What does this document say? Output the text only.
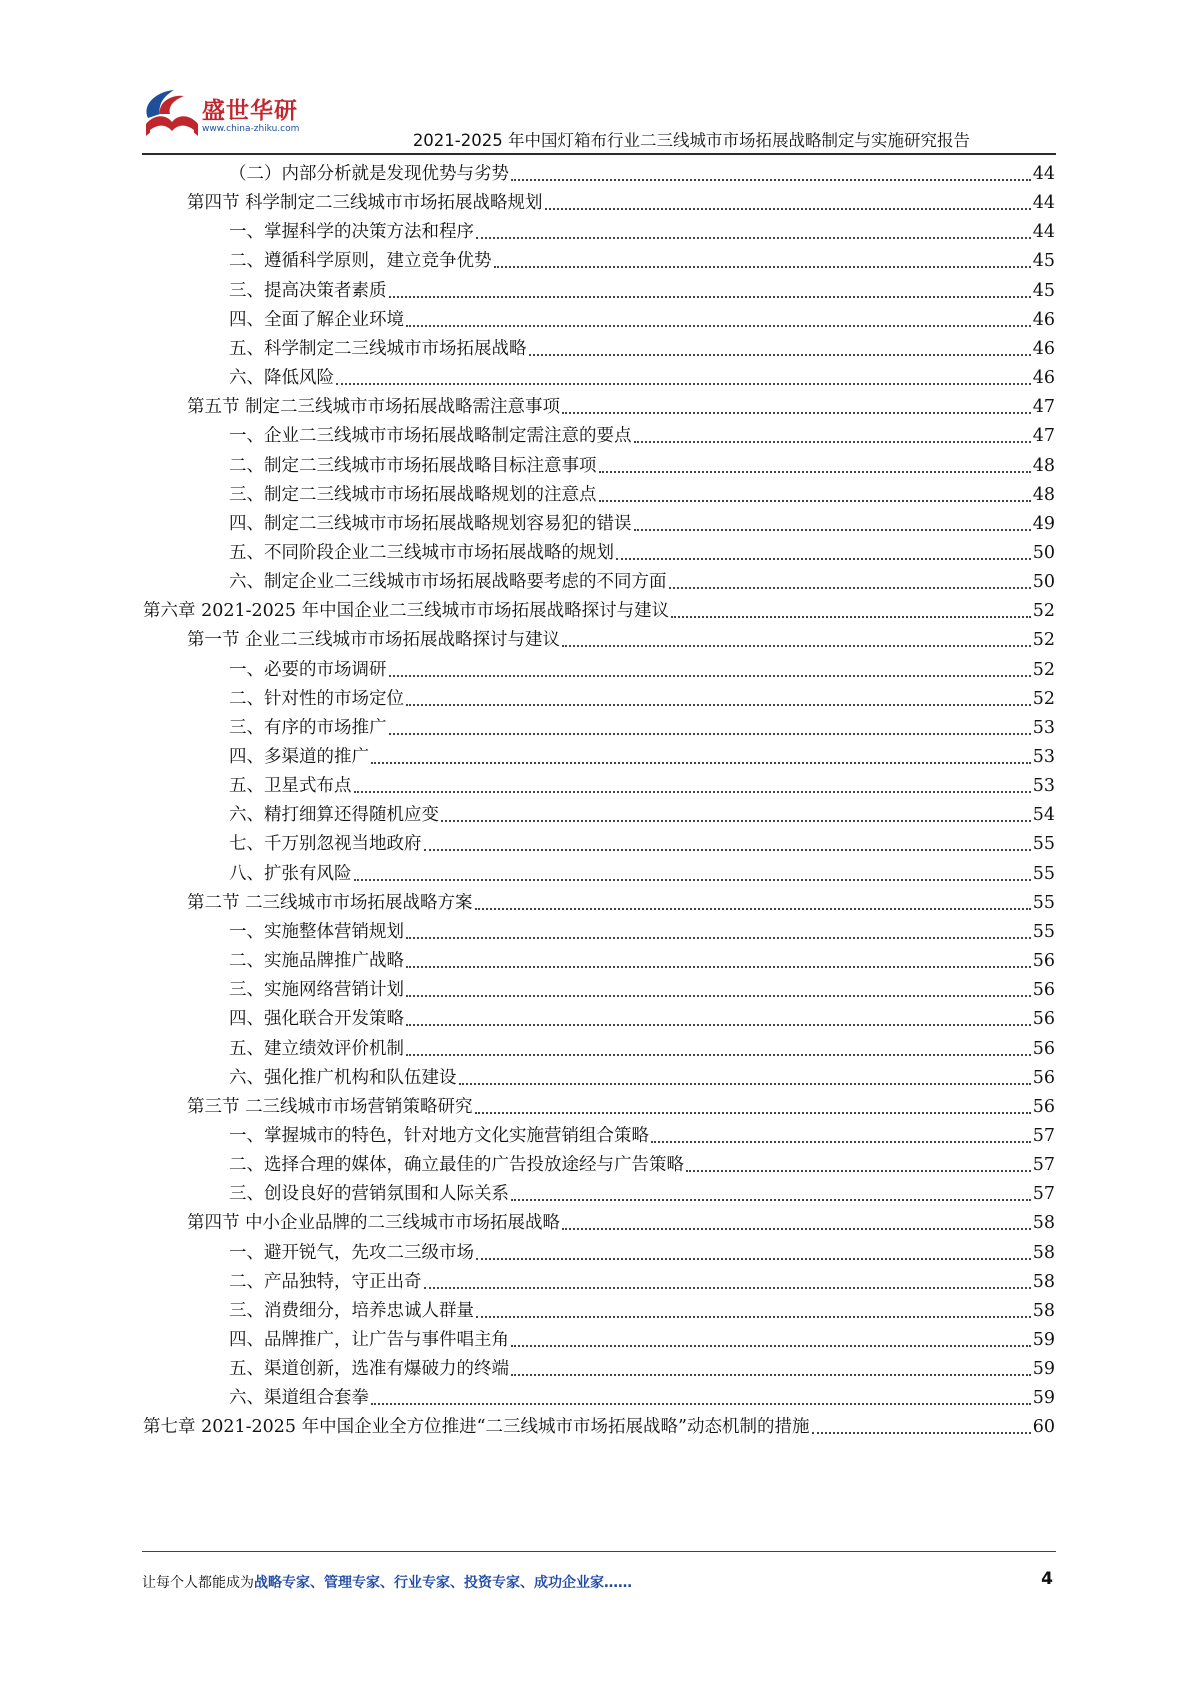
盛世华研
www.china-zhiku.com
2021-2025 年中国灯箱布行业二三线城市市场拓展战略制定与实施研究报告
（二）内部分析就是发现优势与劣势	44
第四节 科学制定二三线城市市场拓展战略规划	44
一、掌握科学的决策方法和程序	44
二、遵循科学原则，建立竞争优势	45
三、提高决策者素质	45
四、全面了解企业环境	46
五、科学制定二三线城市市场拓展战略	46
六、降低风险	46
第五节 制定二三线城市市场拓展战略需注意事项	47
一、企业二三线城市市场拓展战略制定需注意的要点	47
二、制定二三线城市市场拓展战略目标注意事项	48
三、制定二三线城市市场拓展战略规划的注意点	48
四、制定二三线城市市场拓展战略规划容易犯的错误	49
五、不同阶段企业二三线城市市场拓展战略的规划	50
六、制定企业二三线城市市场拓展战略要考虑的不同方面	50
第六章 2021-2025 年中国企业二三线城市市场拓展战略探讨与建议	52
第一节 企业二三线城市市场拓展战略探讨与建议	52
一、必要的市场调研	52
二、针对性的市场定位	52
三、有序的市场推广	53
四、多渠道的推广	53
五、卫星式布点	53
六、精打细算还得随机应变	54
七、千万别忽视当地政府	55
八、扩张有风险	55
第二节 二三线城市市场拓展战略方案	55
一、实施整体营销规划	55
二、实施品牌推广战略	56
三、实施网络营销计划	56
四、强化联合开发策略	56
五、建立绩效评价机制	56
六、强化推广机构和队伍建设	56
第三节 二三线城市市场营销策略研究	56
一、掌握城市的特色，针对地方文化实施营销组合策略	57
二、选择合理的媒体，确立最佳的广告投放途经与广告策略	57
三、创设良好的营销氛围和人际关系	57
第四节 中小企业品牌的二三线城市市场拓展战略	58
一、避开锐气，先攻二三级市场	58
二、产品独特，守正出奇	58
三、消费细分，培养忠诚人群量	58
四、品牌推广，让广告与事件唱主角	59
五、渠道创新，选准有爆破力的终端	59
六、渠道组合套拳	59
第七章 2021-2025 年中国企业全方位推进“二三线城市市场拓展战略”动态机制的措施	60
让每个人都能成为战略专家、管理专家、行业专家、投资专家、成功企业家……	4
